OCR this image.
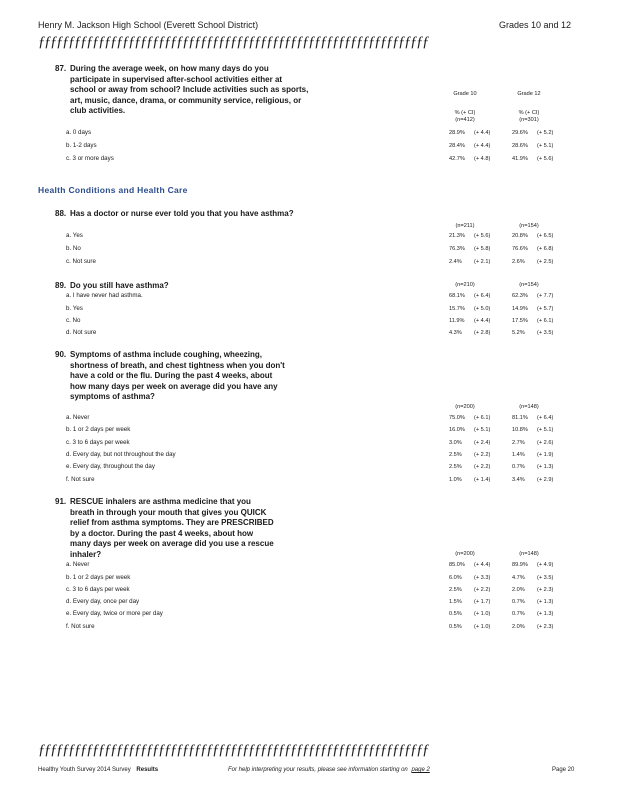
Henry M. Jackson High School (Everett School District)	Grades 10 and 12
ƒƒƒƒƒƒƒƒƒƒƒƒƒƒƒƒƒƒƒƒƒƒƒƒƒƒƒƒƒƒƒƒƒƒƒƒƒƒƒƒƒƒƒƒƒƒƒƒƒƒƒƒƒƒƒƒƒƒƒƒƒƒƒƒƒ
87. During the average week, on how many days do you participate in supervised after-school activities either at school or away from school? Include activities such as sports, art, music, dance, drama, or community service, religious, or club activities.
Grade 10	Grade 12
% (+ CI)	% (+ CI)
(n=412)	(n=301)
a. 0 days	28.9% (+ 4.4)	29.6% (+ 5.2)
b. 1-2 days	28.4% (+ 4.4)	28.6% (+ 5.1)
c. 3 or more days	42.7% (+ 4.8)	41.9% (+ 5.6)
Health Conditions and Health Care
88. Has a doctor or nurse ever told you that you have asthma?
(n=211)	(n=154)
a. Yes	21.3% (+ 5.6)	20.8% (+ 6.5)
b. No	76.3% (+ 5.8)	76.6% (+ 6.8)
c. Not sure	2.4% (+ 2.1)	2.6% (+ 2.5)
89. Do you still have asthma?	(n=210)	(n=154)
a. I have never had asthma.	68.1% (+ 6.4)	62.3% (+ 7.7)
b. Yes	15.7% (+ 5.0)	14.9% (+ 5.7)
c. No	11.9% (+ 4.4)	17.5% (+ 6.1)
d. Not sure	4.3% (+ 2.8)	5.2% (+ 3.5)
90. Symptoms of asthma include coughing, wheezing, shortness of breath, and chest tightness when you don't have a cold or the flu. During the past 4 weeks, about how many days per week on average did you have any symptoms of asthma?
(n=200)	(n=148)
a. Never	75.0% (+ 6.1)	81.1% (+ 6.4)
b. 1 or 2 days per week	16.0% (+ 5.1)	10.8% (+ 5.1)
c. 3 to 6 days per week	3.0% (+ 2.4)	2.7% (+ 2.6)
d. Every day, but not throughout the day	2.5% (+ 2.2)	1.4% (+ 1.9)
e. Every day, throughout the day	2.5% (+ 2.2)	0.7% (+ 1.3)
f. Not sure	1.0% (+ 1.4)	3.4% (+ 2.9)
91. RESCUE inhalers are asthma medicine that you breath in through your mouth that gives you QUICK relief from asthma symptoms. They are PRESCRIBED by a doctor. During the past 4 weeks, about how many days per week on average did you use a rescue inhaler?	(n=200)	(n=148)
a. Never	85.0% (+ 4.4)	89.9% (+ 4.9)
b. 1 or 2 days per week	6.0% (+ 3.3)	4.7% (+ 3.5)
c. 3 to 6 days per week	2.5% (+ 2.2)	2.0% (+ 2.3)
d. Every day, once per day	1.5% (+ 1.7)	0.7% (+ 1.3)
e. Every day, twice or more per day	0.5% (+ 1.0)	0.7% (+ 1.3)
f. Not sure	0.5% (+ 1.0)	2.0% (+ 2.3)
ƒƒƒƒƒƒƒƒƒƒƒƒƒƒƒƒƒƒƒƒƒƒƒƒƒƒƒƒƒƒƒƒƒƒƒƒƒƒƒƒƒƒƒƒƒƒƒƒƒƒƒƒƒƒƒƒƒƒƒƒƒƒƒƒƒ
Healthy Youth Survey 2014 Survey Results	For help interpreting your results, please see information starting on page 2	Page 20
